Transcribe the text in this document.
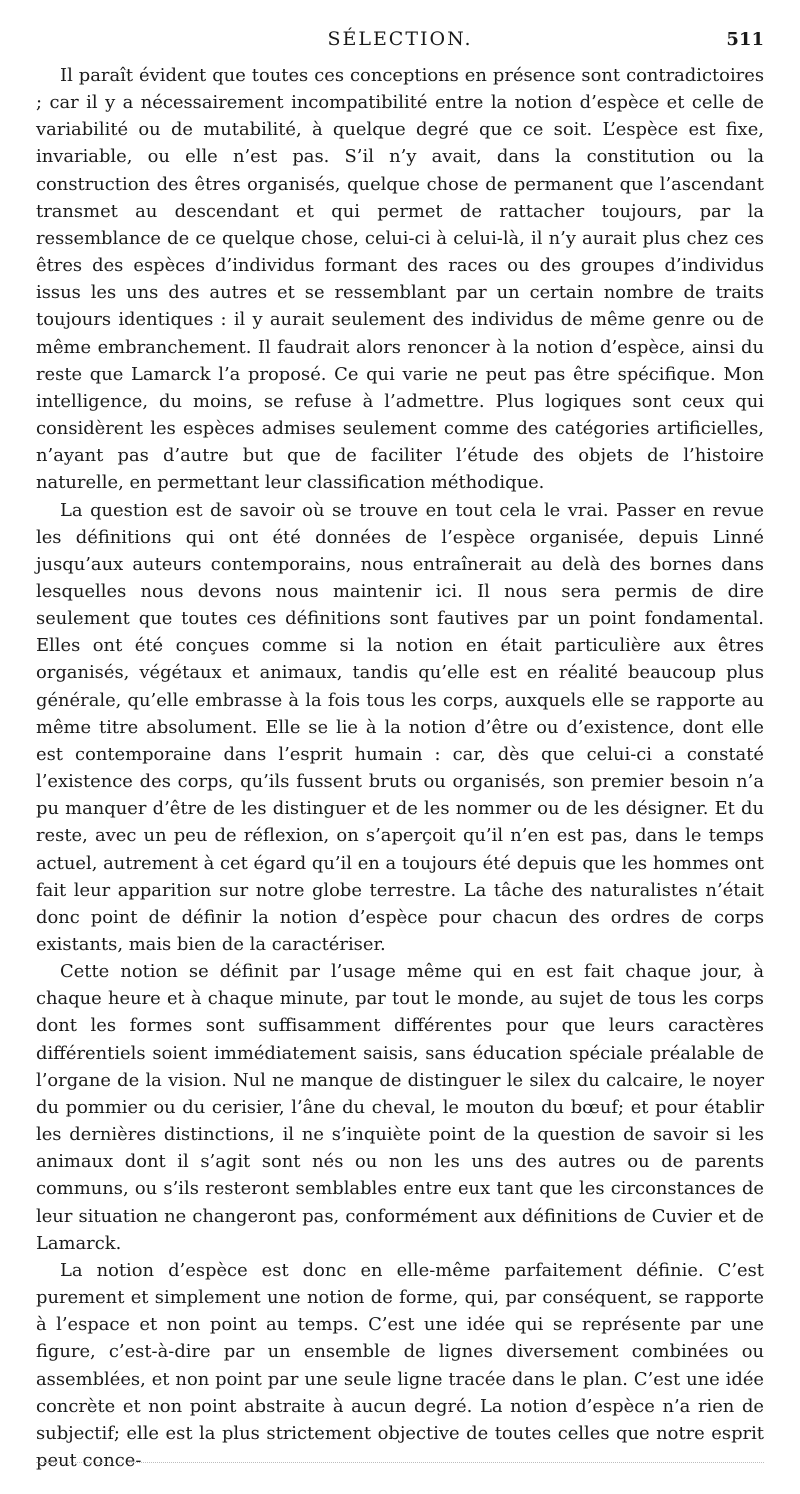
SÉLECTION.	511

Il paraît évident que toutes ces conceptions en présence sont contradictoires ; car il y a nécessairement incompatibilité entre la notion d’espèce et celle de variabilité ou de mutabilité, à quelque degré que ce soit. L’espèce est fixe, invariable, ou elle n’est pas. S’il n’y avait, dans la constitution ou la construction des êtres organisés, quelque chose de permanent que l’ascendant transmet au descendant et qui permet de rattacher toujours, par la ressemblance de ce quelque chose, celui-ci à celui-là, il n’y aurait plus chez ces êtres des espèces d’individus formant des races ou des groupes d’individus issus les uns des autres et se ressemblant par un certain nombre de traits toujours identiques : il y aurait seulement des individus de même genre ou de même embranchement. Il faudrait alors renoncer à la notion d’espèce, ainsi du reste que Lamarck l’a proposé. Ce qui varie ne peut pas être spécifique. Mon intelligence, du moins, se refuse à l’admettre. Plus logiques sont ceux qui considèrent les espèces admises seulement comme des catégories artificielles, n’ayant pas d’autre but que de faciliter l’étude des objets de l’histoire naturelle, en permettant leur classification méthodique.

La question est de savoir où se trouve en tout cela le vrai. Passer en revue les définitions qui ont été données de l’espèce organisée, depuis Linné jusqu’aux auteurs contemporains, nous entraînerait au delà des bornes dans lesquelles nous devons nous maintenir ici. Il nous sera permis de dire seulement que toutes ces définitions sont fautives par un point fondamental. Elles ont été conçues comme si la notion en était particulière aux êtres organisés, végétaux et animaux, tandis qu’elle est en réalité beaucoup plus générale, qu’elle embrasse à la fois tous les corps, auxquels elle se rapporte au même titre absolument. Elle se lie à la notion d’être ou d’existence, dont elle est contemporaine dans l’esprit humain : car, dès que celui-ci a constaté l’existence des corps, qu’ils fussent bruts ou organisés, son premier besoin n’a pu manquer d’être de les distinguer et de les nommer ou de les désigner. Et du reste, avec un peu de réflexion, on s’aperçoit qu’il n’en est pas, dans le temps actuel, autrement à cet égard qu’il en a toujours été depuis que les hommes ont fait leur apparition sur notre globe terrestre. La tâche des naturalistes n’était donc point de définir la notion d’espèce pour chacun des ordres de corps existants, mais bien de la caractériser.

Cette notion se définit par l’usage même qui en est fait chaque jour, à chaque heure et à chaque minute, par tout le monde, au sujet de tous les corps dont les formes sont suffisamment différentes pour que leurs caractères différentiels soient immédiatement saisis, sans éducation spéciale préalable de l’organe de la vision. Nul ne manque de distinguer le silex du calcaire, le noyer du pommier ou du cerisier, l’âne du cheval, le mouton du bœuf; et pour établir les dernières distinctions, il ne s’inquiète point de la question de savoir si les animaux dont il s’agit sont nés ou non les uns des autres ou de parents communs, ou s’ils resteront semblables entre eux tant que les circonstances de leur situation ne changeront pas, conformément aux définitions de Cuvier et de Lamarck.

La notion d’espèce est donc en elle-même parfaitement définie. C’est purement et simplement une notion de forme, qui, par conséquent, se rapporte à l’espace et non point au temps. C’est une idée qui se représente par une figure, c’est-à-dire par un ensemble de lignes diversement combinées ou assemblées, et non point par une seule ligne tracée dans le plan. C’est une idée concrète et non point abstraite à aucun degré. La notion d’espèce n’a rien de subjectif; elle est la plus strictement objective de toutes celles que notre esprit peut conce-
